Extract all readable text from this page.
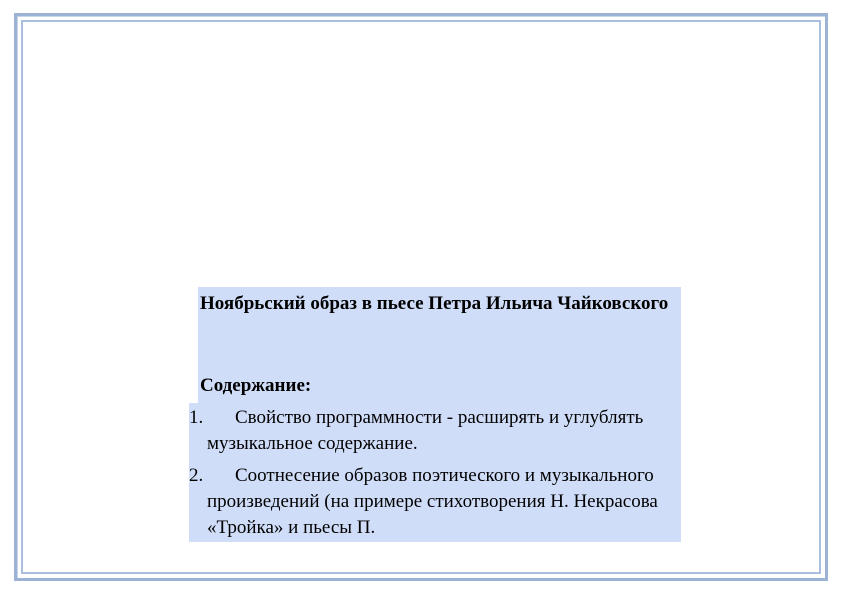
Ноябрьский образ в пьесе Петра Ильича Чайковского
Содержание:
1.	Свойство программности - расширять и углублять музыкальное содержание.
2.	Соотнесение образов поэтического и музыкального произведений (на примере стихотворения Н. Некрасова «Тройка» и пьесы П.
